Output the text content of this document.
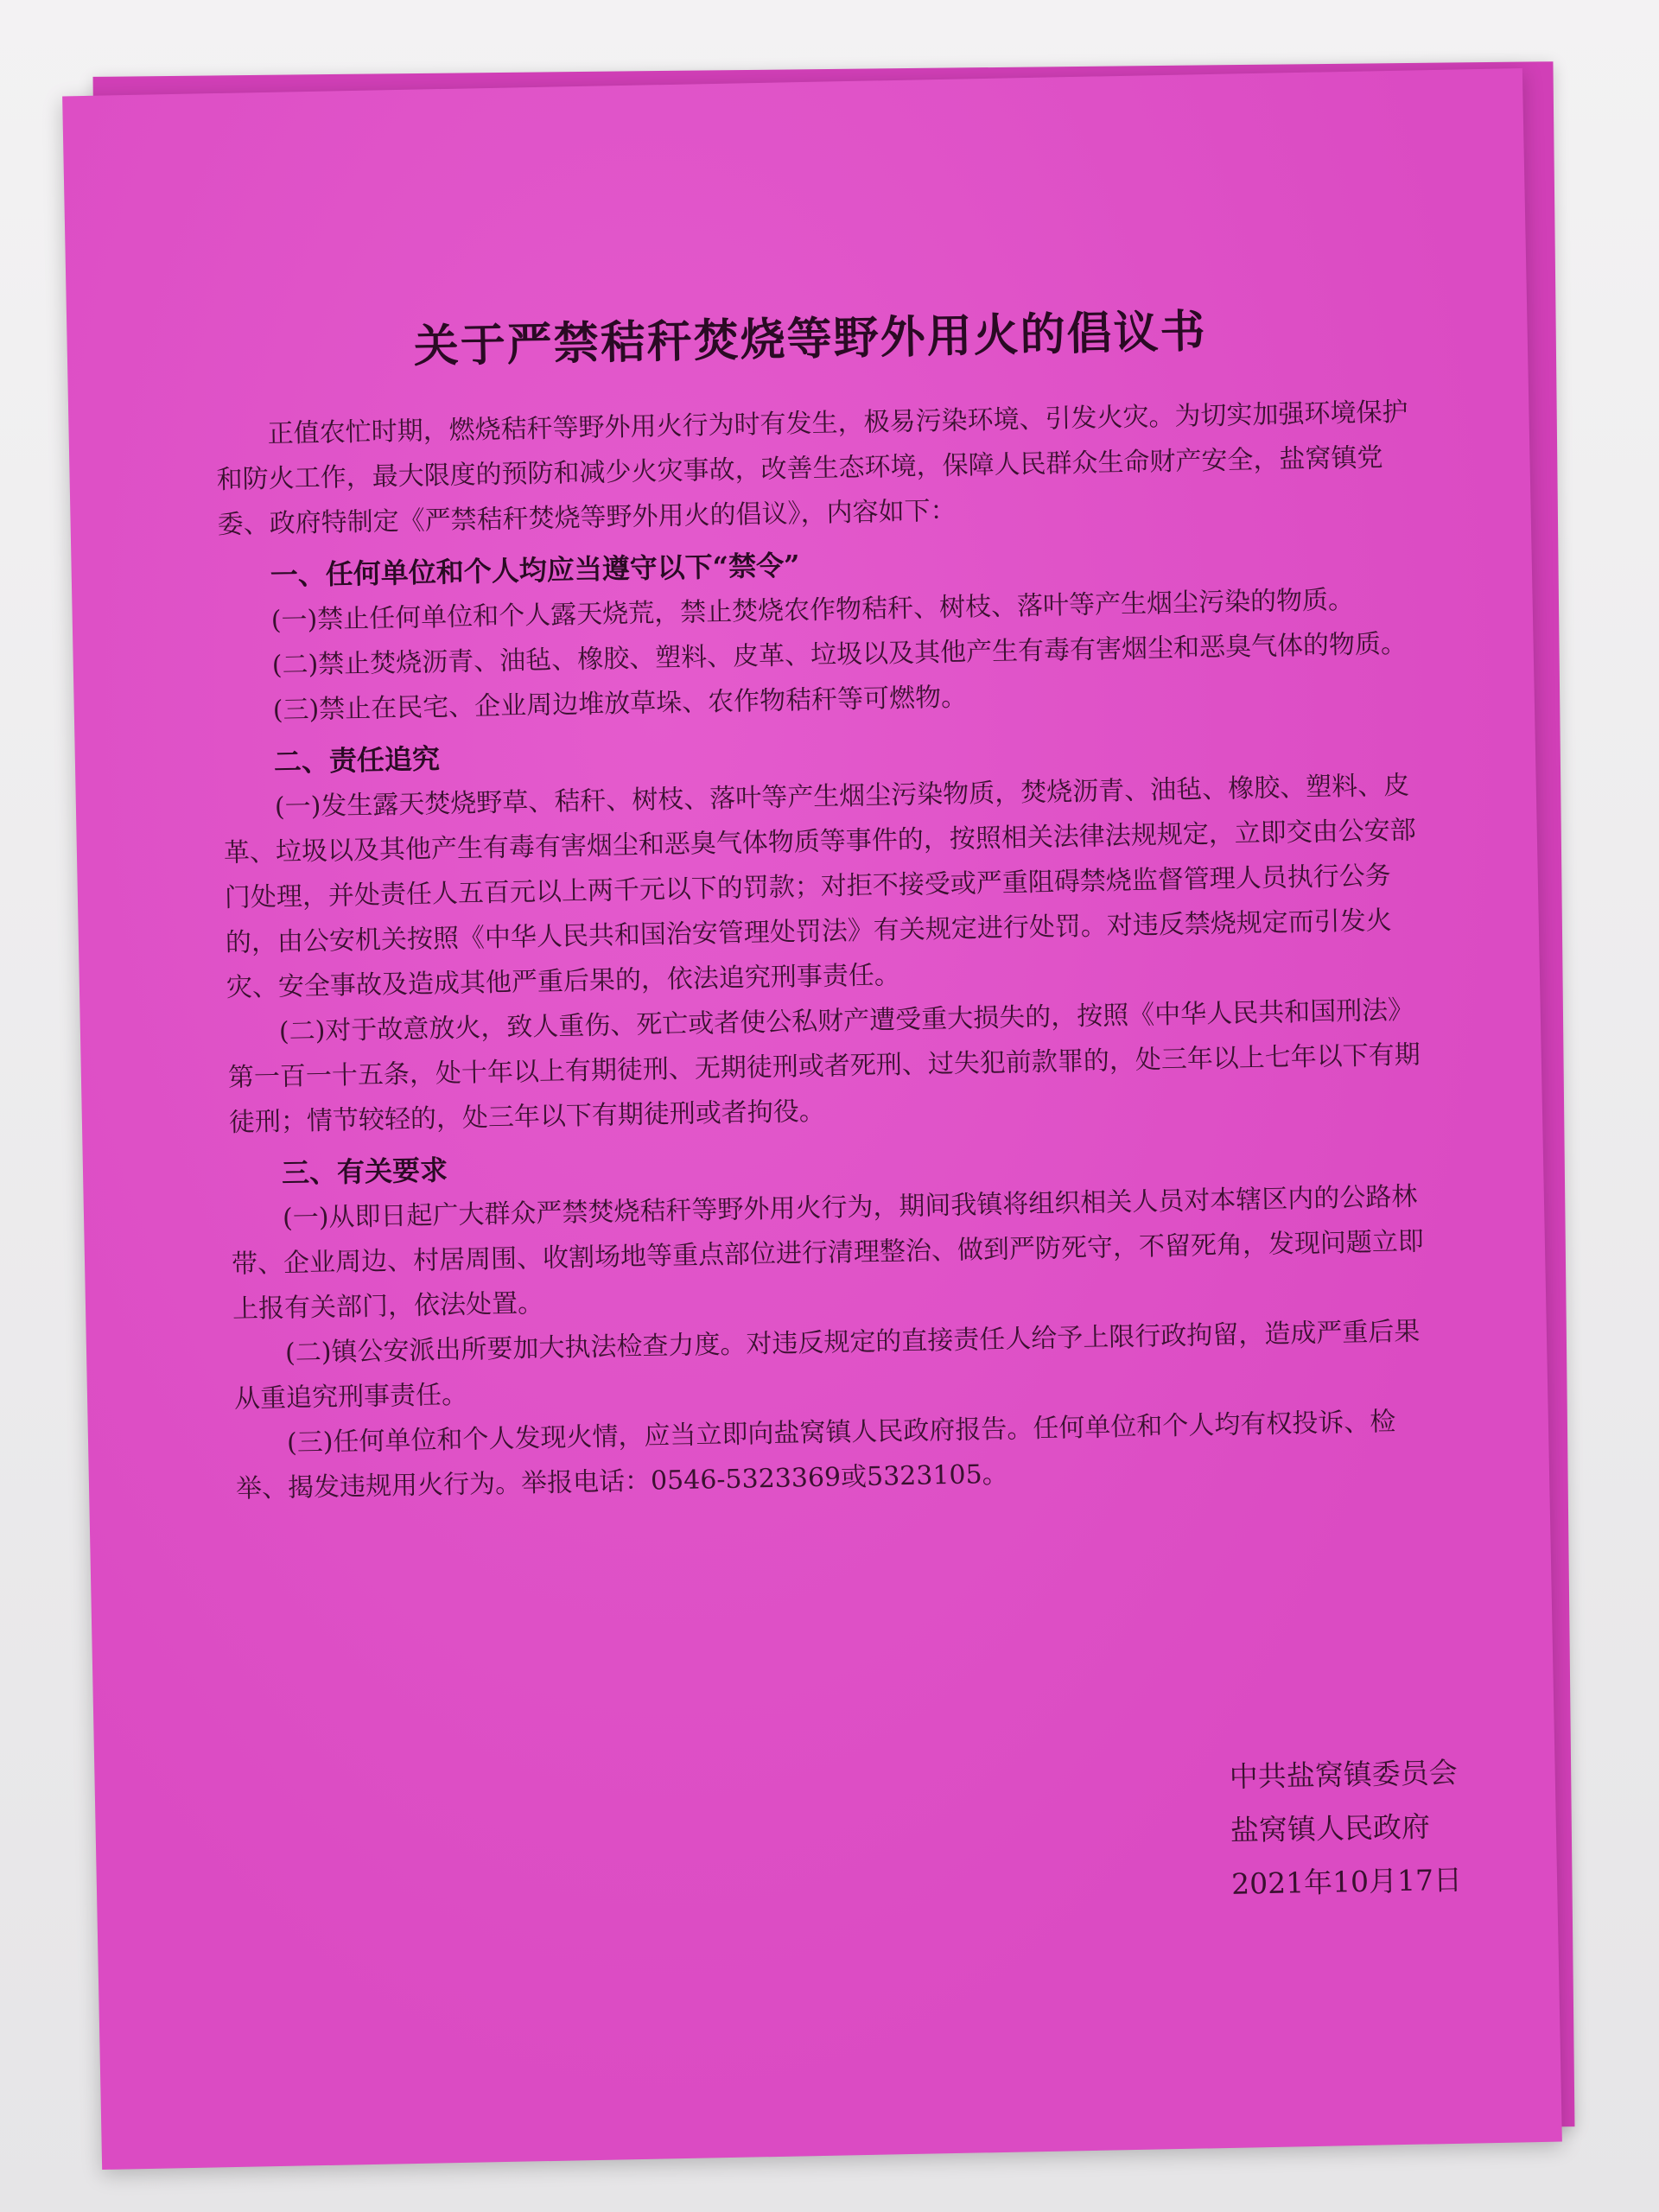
关于严禁秸秆焚烧等野外用火的倡议书

正值农忙时期，燃烧秸秆等野外用火行为时有发生，极易污染环境、引发火灾。为切实加强环境保护和防火工作，最大限度的预防和减少火灾事故，改善生态环境，保障人民群众生命财产安全，盐窝镇党委、政府特制定《严禁秸秆焚烧等野外用火的倡议》，内容如下：

一、任何单位和个人均应当遵守以下“禁令”

(一)禁止任何单位和个人露天烧荒，禁止焚烧农作物秸秆、树枝、落叶等产生烟尘污染的物质。

(二)禁止焚烧沥青、油毡、橡胶、塑料、皮革、垃圾以及其他产生有毒有害烟尘和恶臭气体的物质。

(三)禁止在民宅、企业周边堆放草垛、农作物秸秆等可燃物。

二、责任追究

(一)发生露天焚烧野草、秸秆、树枝、落叶等产生烟尘污染物质，焚烧沥青、油毡、橡胶、塑料、皮革、垃圾以及其他产生有毒有害烟尘和恶臭气体物质等事件的，按照相关法律法规规定，立即交由公安部门处理，并处责任人五百元以上两千元以下的罚款；对拒不接受或严重阻碍禁烧监督管理人员执行公务的，由公安机关按照《中华人民共和国治安管理处罚法》有关规定进行处罚。对违反禁烧规定而引发火灾、安全事故及造成其他严重后果的，依法追究刑事责任。

(二)对于故意放火，致人重伤、死亡或者使公私财产遭受重大损失的，按照《中华人民共和国刑法》第一百一十五条，处十年以上有期徒刑、无期徒刑或者死刑、过失犯前款罪的，处三年以上七年以下有期徒刑；情节较轻的，处三年以下有期徒刑或者拘役。

三、有关要求

(一)从即日起广大群众严禁焚烧秸秆等野外用火行为，期间我镇将组织相关人员对本辖区内的公路林带、企业周边、村居周围、收割场地等重点部位进行清理整治、做到严防死守，不留死角，发现问题立即上报有关部门，依法处置。

(二)镇公安派出所要加大执法检查力度。对违反规定的直接责任人给予上限行政拘留，造成严重后果从重追究刑事责任。

(三)任何单位和个人发现火情，应当立即向盐窝镇人民政府报告。任何单位和个人均有权投诉、检举、揭发违规用火行为。举报电话：0546-5323369或5323105。

中共盐窝镇委员会
盐窝镇人民政府
2021年10月17日
